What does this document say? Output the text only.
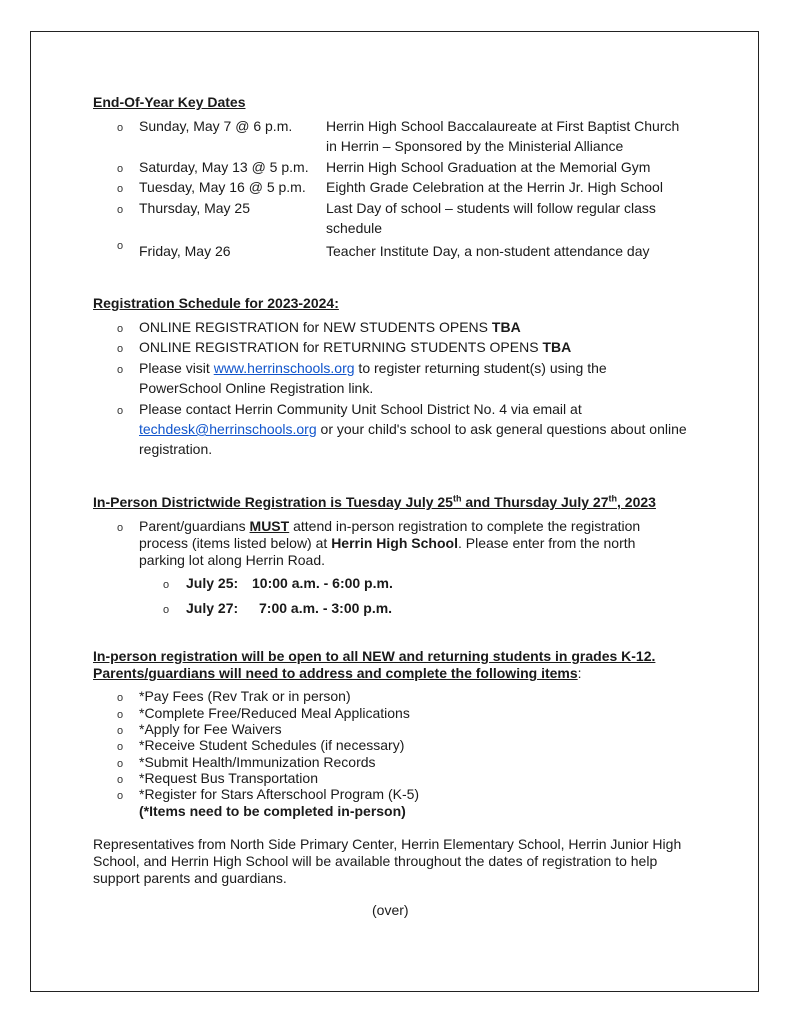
End-Of-Year Key Dates
o Sunday, May 7 @ 6 p.m. Herrin High School Baccalaureate at First Baptist Church
in Herrin – Sponsored by the Ministerial Alliance
o Saturday, May 13 @ 5 p.m. Herrin High School Graduation at the Memorial Gym
o Tuesday, May 16 @ 5 p.m. Eighth Grade Celebration at the Herrin Jr. High School
o Thursday, May 25	Last Day of school – students will follow regular class
schedule
o Friday, May 26	Teacher Institute Day, a non-student attendance day
Registration Schedule for 2023-2024:
o ONLINE REGISTRATION for NEW STUDENTS OPENS TBA
o ONLINE REGISTRATION for RETURNING STUDENTS OPENS TBA
o Please visit www.herrinschools.org to register returning student(s) using the
PowerSchool Online Registration link.
o Please contact Herrin Community Unit School District No. 4 via email at
techdesk@herrinschools.org or your child's school to ask general questions about online
registration.
In-Person Districtwide Registration is Tuesday July 25th and Thursday July 27th, 2023
o Parent/guardians MUST attend in-person registration to complete the registration
process (items listed below) at Herrin High School. Please enter from the north
parking lot along Herrin Road.
o July 25: 10:00 a.m. - 6:00 p.m.
o July 27: 7:00 a.m. - 3:00 p.m.
In-person registration will be open to all NEW and returning students in grades K-12.
Parents/guardians will need to address and complete the following items:
o *Pay Fees (Rev Trak or in person)
o *Complete Free/Reduced Meal Applications
o *Apply for Fee Waivers
o *Receive Student Schedules (if necessary)
o *Submit Health/Immunization Records
o *Request Bus Transportation
o *Register for Stars Afterschool Program (K-5)
(*Items need to be completed in-person)
Representatives from North Side Primary Center, Herrin Elementary School, Herrin Junior High
School, and Herrin High School will be available throughout the dates of registration to help
support parents and guardians.
(over)
